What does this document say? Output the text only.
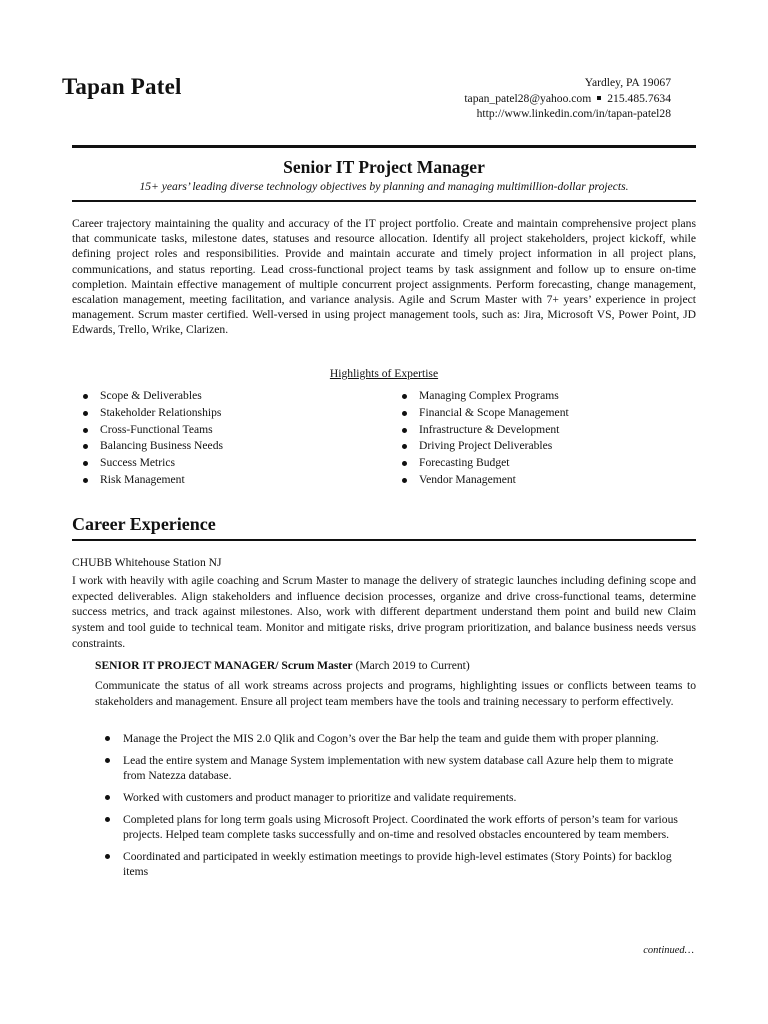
Tapan Patel	Yardley, PA 19067
tapan_patel28@yahoo.com 215.485.7634
http://www.linkedin.com/in/tapan-patel28
Senior IT Project Manager
15+ years’ leading diverse technology objectives by planning and managing multimillion-dollar projects.
Career trajectory maintaining the quality and accuracy of the IT project portfolio. Create and maintain comprehensive project plans that communicate tasks, milestone dates, statuses and resource allocation. Identify all project stakeholders, project kickoff, while defining project roles and responsibilities. Provide and maintain accurate and timely project information in all project plans, communications, and status reporting. Lead cross-functional project teams by task assignment and follow up to ensure on-time completion. Maintain effective management of multiple concurrent project assignments. Perform forecasting, change management, escalation management, meeting facilitation, and variance analysis. Agile and Scrum Master with 7+ years’ experience in project management. Scrum master certified. Well-versed in using project management tools, such as: Jira, Microsoft VS, Power Point, JD Edwards, Trello, Wrike, Clarizen.
Highlights of Expertise
Scope & Deliverables
Stakeholder Relationships
Cross-Functional Teams
Balancing Business Needs
Success Metrics
Risk Management
Managing Complex Programs
Financial & Scope Management
Infrastructure & Development
Driving Project Deliverables
Forecasting Budget
Vendor Management
Career Experience
CHUBB Whitehouse Station NJ
I work with heavily with agile coaching and Scrum Master to manage the delivery of strategic launches including defining scope and expected deliverables. Align stakeholders and influence decision processes, organize and drive cross-functional teams, determine success metrics, and track against milestones. Also, work with different department understand them point and build new Claim system and tool guide to technical team. Monitor and mitigate risks, drive program prioritization, and balance business needs versus constraints.
SENIOR IT PROJECT MANAGER/ Scrum Master (March 2019 to Current)
Communicate the status of all work streams across projects and programs, highlighting issues or conflicts between teams to stakeholders and management. Ensure all project team members have the tools and training necessary to perform effectively.
Manage the Project the MIS 2.0 Qlik and Cogon’s over the Bar help the team and guide them with proper planning.
Lead the entire system and Manage System implementation with new system database call Azure help them to migrate from Natezza database.
Worked with customers and product manager to prioritize and validate requirements.
Completed plans for long term goals using Microsoft Project. Coordinated the work efforts of person’s team for various projects. Helped team complete tasks successfully and on-time and resolved obstacles encountered by team members.
Coordinated and participated in weekly estimation meetings to provide high-level estimates (Story Points) for backlog items
continued…
